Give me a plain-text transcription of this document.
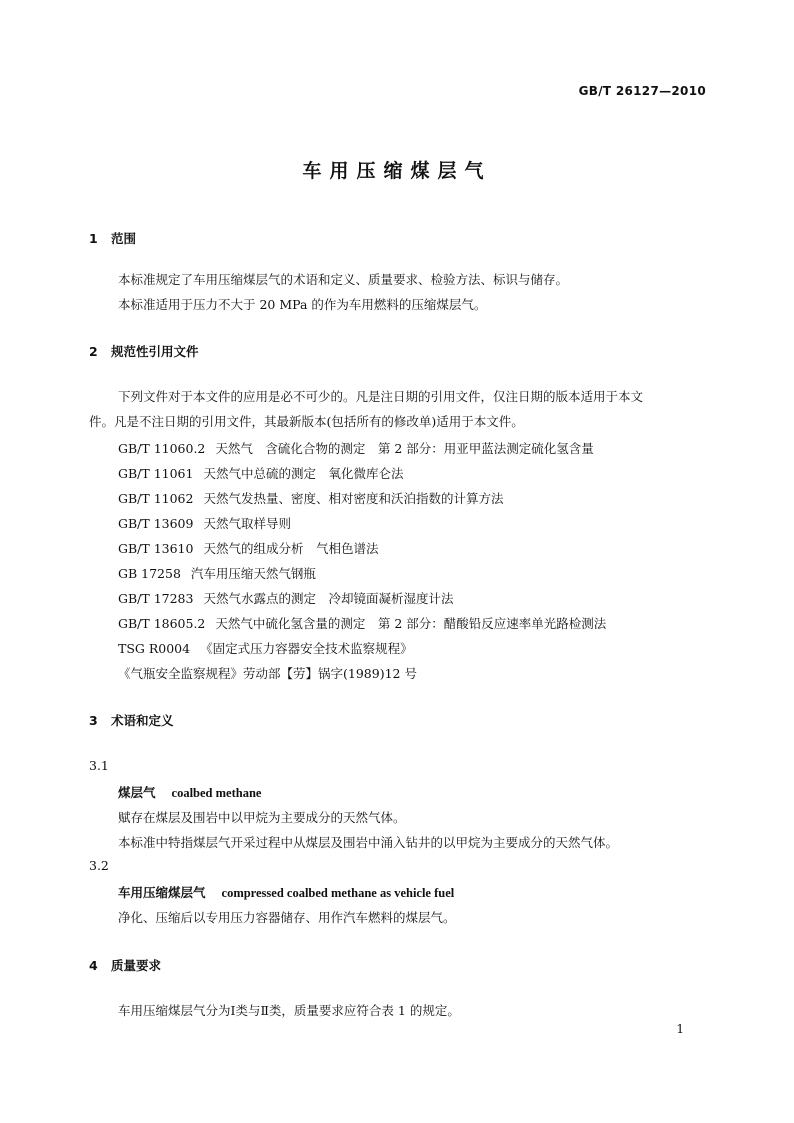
GB/T 26127—2010
车用压缩煤层气
1 范围
本标准规定了车用压缩煤层气的术语和定义、质量要求、检验方法、标识与储存。
本标准适用于压力不大于 20 MPa 的作为车用燃料的压缩煤层气。
2 规范性引用文件
下列文件对于本文件的应用是必不可少的。凡是注日期的引用文件，仅注日期的版本适用于本文
件。凡是不注日期的引用文件，其最新版本(包括所有的修改单)适用于本文件。
GB/T 11060.2 天然气　含硫化合物的测定　第 2 部分：用亚甲蓝法测定硫化氢含量
GB/T 11061 天然气中总硫的测定　氧化微库仑法
GB/T 11062 天然气发热量、密度、相对密度和沃泊指数的计算方法
GB/T 13609 天然气取样导则
GB/T 13610 天然气的组成分析　气相色谱法
GB 17258 汽车用压缩天然气钢瓶
GB/T 17283 天然气水露点的测定　冷却镜面凝析湿度计法
GB/T 18605.2 天然气中硫化氢含量的测定　第 2 部分：醋酸铅反应速率单光路检测法
TSG R0004 《固定式压力容器安全技术监察规程》
《气瓶安全监察规程》劳动部【劳】锅字(1989)12 号
3 术语和定义
3.1
煤层气 coalbed methane
赋存在煤层及围岩中以甲烷为主要成分的天然气体。
本标准中特指煤层气开采过程中从煤层及围岩中涌入钻井的以甲烷为主要成分的天然气体。
3.2
车用压缩煤层气 compressed coalbed methane as vehicle fuel
净化、压缩后以专用压力容器储存、用作汽车燃料的煤层气。
4 质量要求
车用压缩煤层气分为Ⅰ类与Ⅱ类，质量要求应符合表 1 的规定。
1
